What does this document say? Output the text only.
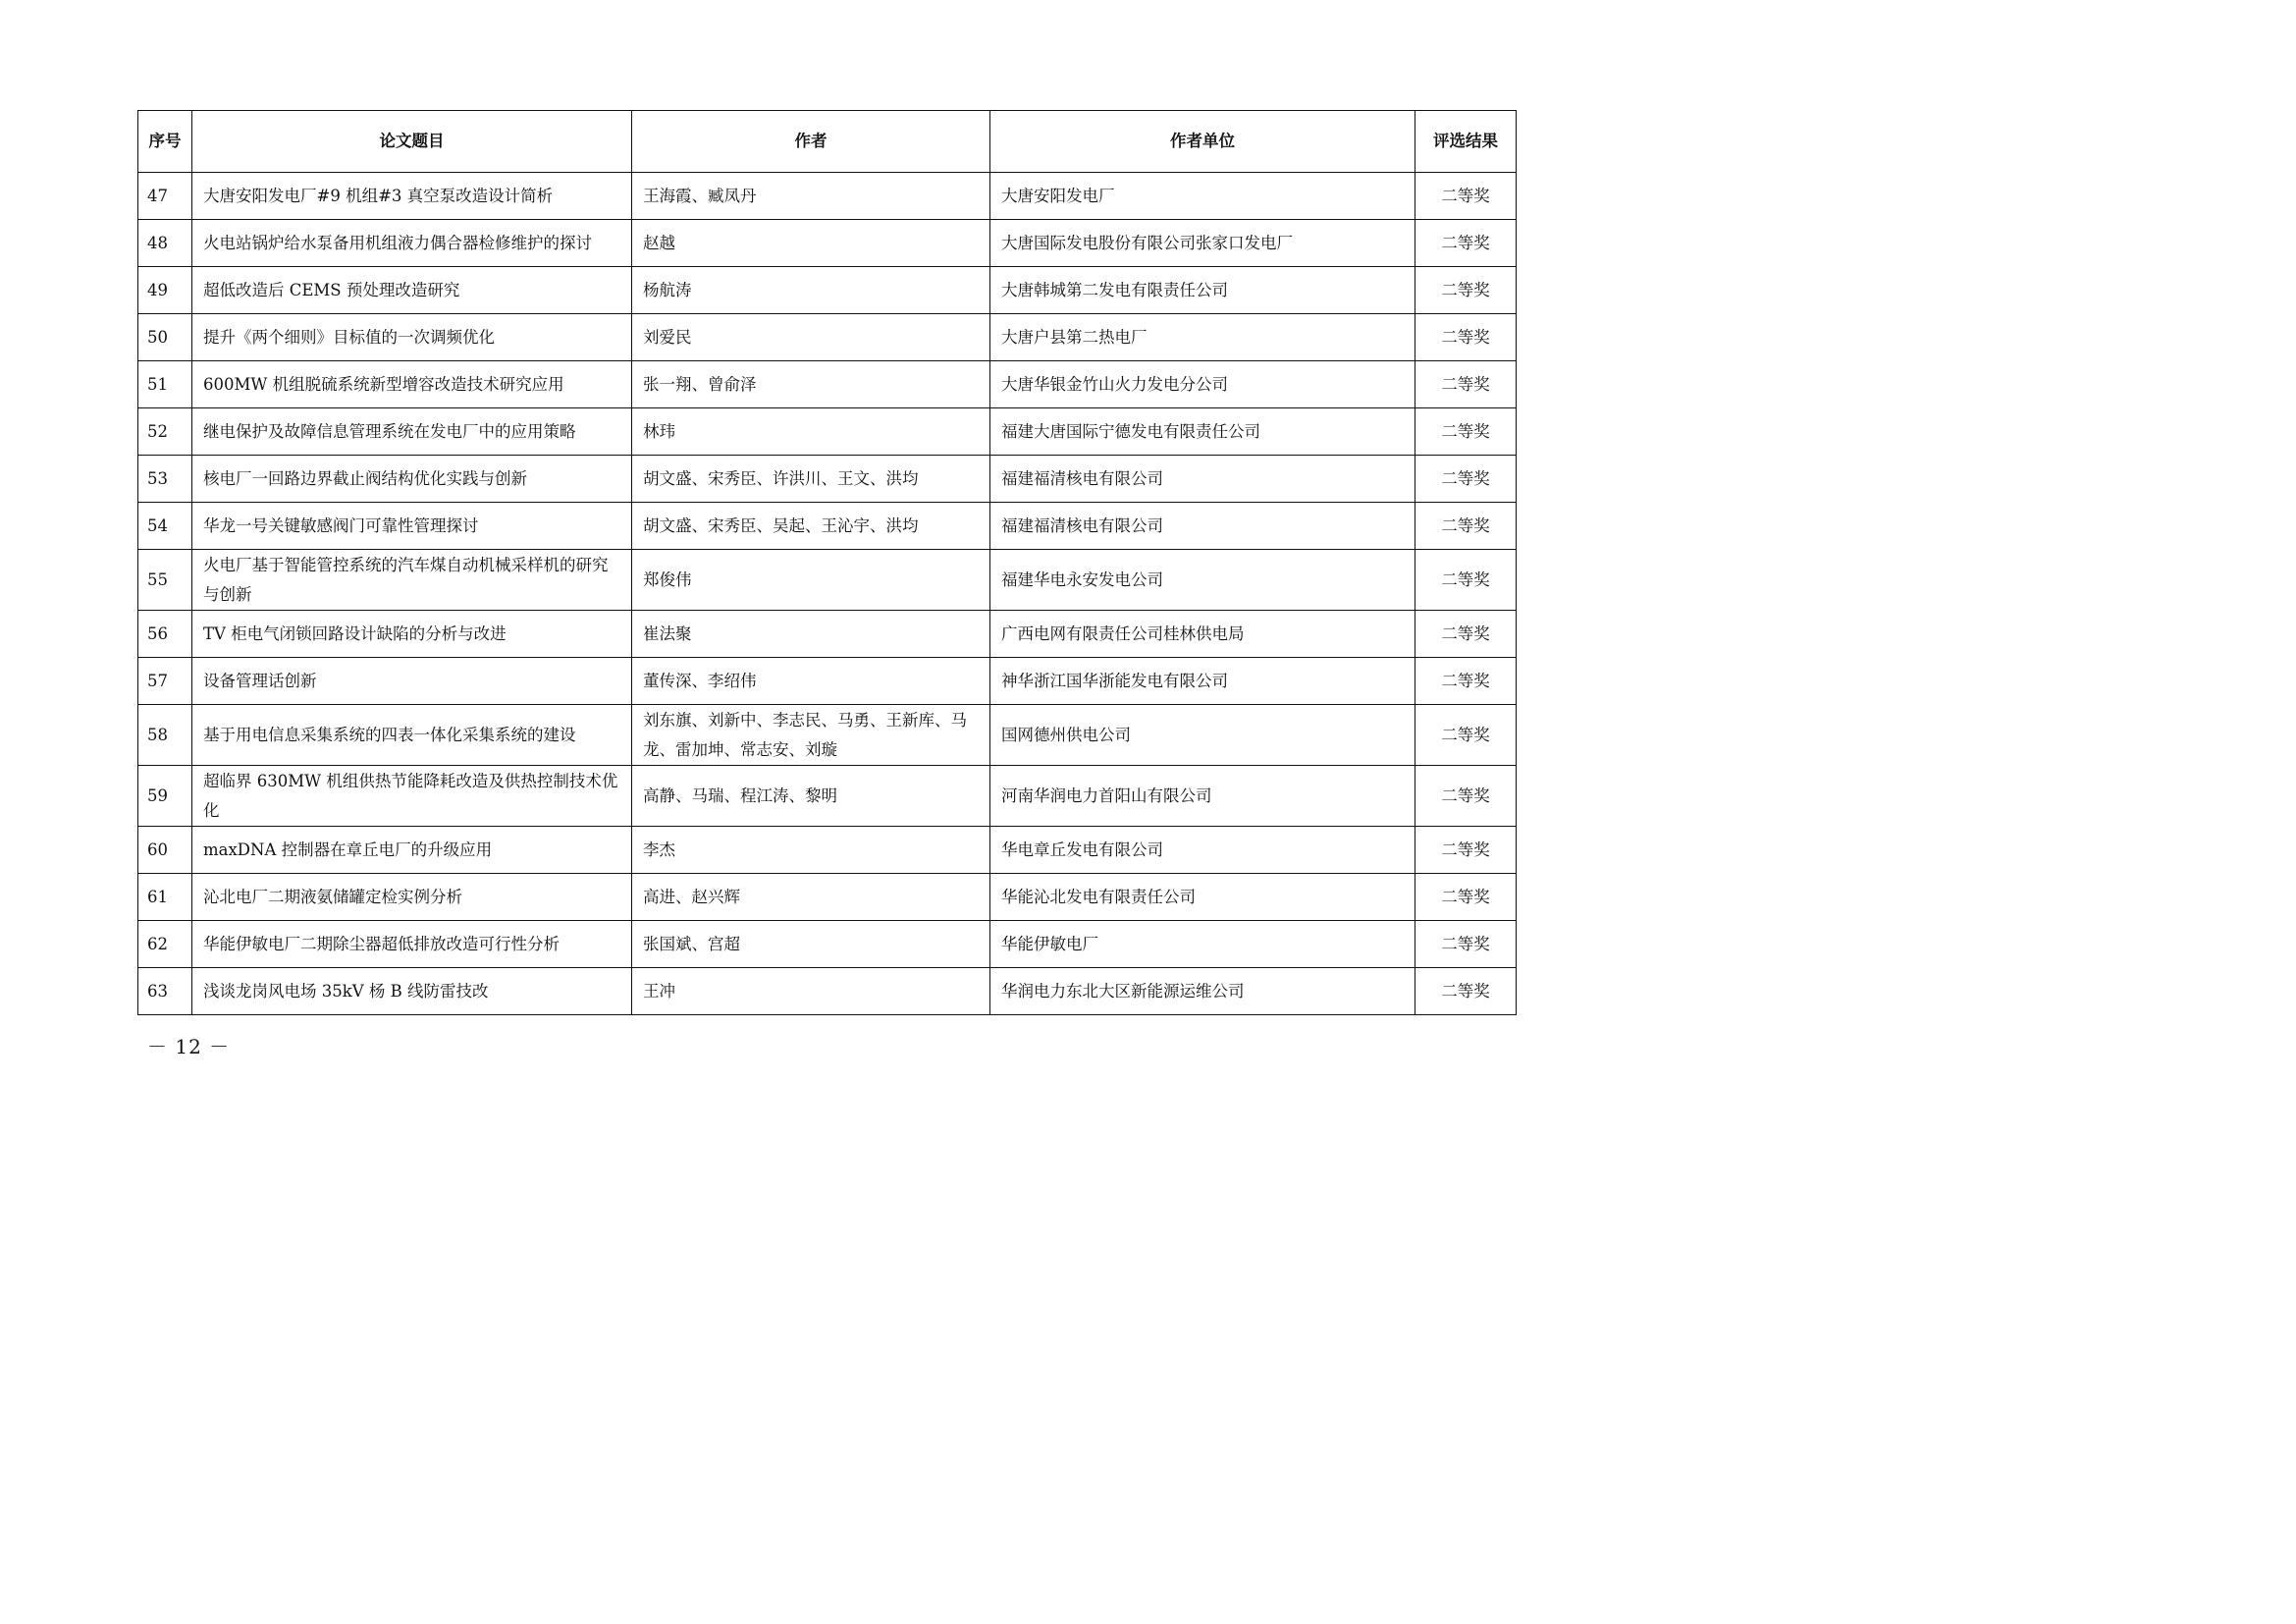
序号	论文题目	作者	作者单位	评选结果
47	大唐安阳发电厂#9 机组#3 真空泵改造设计简析	王海霞、臧凤丹	大唐安阳发电厂	二等奖
48	火电站锅炉给水泵备用机组液力偶合器检修维护的探讨	赵越	大唐国际发电股份有限公司张家口发电厂	二等奖
49	超低改造后 CEMS 预处理改造研究	杨航涛	大唐韩城第二发电有限责任公司	二等奖
50	提升《两个细则》目标值的一次调频优化	刘爱民	大唐户县第二热电厂	二等奖
51	600MW 机组脱硫系统新型增容改造技术研究应用	张一翔、曾俞泽	大唐华银金竹山火力发电分公司	二等奖
52	继电保护及故障信息管理系统在发电厂中的应用策略	林玮	福建大唐国际宁德发电有限责任公司	二等奖
53	核电厂一回路边界截止阀结构优化实践与创新	胡文盛、宋秀臣、许洪川、王文、洪均	福建福清核电有限公司	二等奖
54	华龙一号关键敏感阀门可靠性管理探讨	胡文盛、宋秀臣、吴起、王沁宇、洪均	福建福清核电有限公司	二等奖
55	火电厂基于智能管控系统的汽车煤自动机械采样机的研究与创新	郑俊伟	福建华电永安发电公司	二等奖
56	TV 柜电气闭锁回路设计缺陷的分析与改进	崔法聚	广西电网有限责任公司桂林供电局	二等奖
57	设备管理话创新	董传深、李绍伟	神华浙江国华浙能发电有限公司	二等奖
58	基于用电信息采集系统的四表一体化采集系统的建设	刘东旗、刘新中、李志民、马勇、王新库、马龙、雷加坤、常志安、刘璇	国网德州供电公司	二等奖
59	超临界 630MW 机组供热节能降耗改造及供热控制技术优化	高静、马瑞、程江涛、黎明	河南华润电力首阳山有限公司	二等奖
60	maxDNA 控制器在章丘电厂的升级应用	李杰	华电章丘发电有限公司	二等奖
61	沁北电厂二期液氨储罐定检实例分析	高进、赵兴辉	华能沁北发电有限责任公司	二等奖
62	华能伊敏电厂二期除尘器超低排放改造可行性分析	张国斌、宫超	华能伊敏电厂	二等奖
63	浅谈龙岗风电场 35kV 杨 B 线防雷技改	王冲	华润电力东北大区新能源运维公司	二等奖
－ 12 －
